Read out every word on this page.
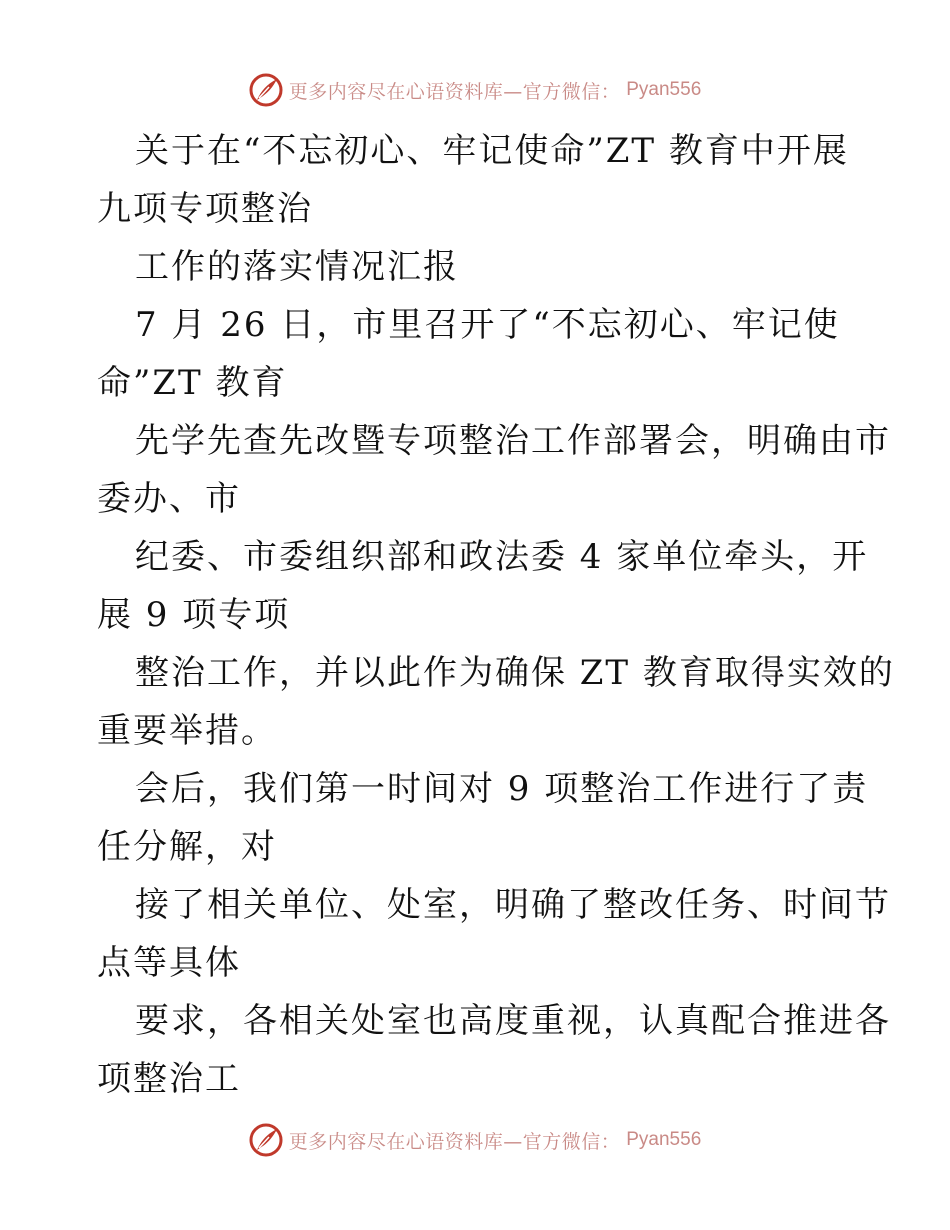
更多内容尽在心语资料库—官方微信： Pyan556
关于在“不忘初心、牢记使命”ZT 教育中开展
九项专项整治
工作的落实情况汇报
7 月 26 日，市里召开了“不忘初心、牢记使
命”ZT 教育
先学先查先改暨专项整治工作部署会，明确由市
委办、市
纪委、市委组织部和政法委 4 家单位牵头，开
展 9 项专项
整治工作，并以此作为确保 ZT 教育取得实效的
重要举措。
会后，我们第一时间对 9 项整治工作进行了责
任分解，对
接了相关单位、处室，明确了整改任务、时间节
点等具体
要求，各相关处室也高度重视，认真配合推进各
项整治工
更多内容尽在心语资料库—官方微信： Pyan556
